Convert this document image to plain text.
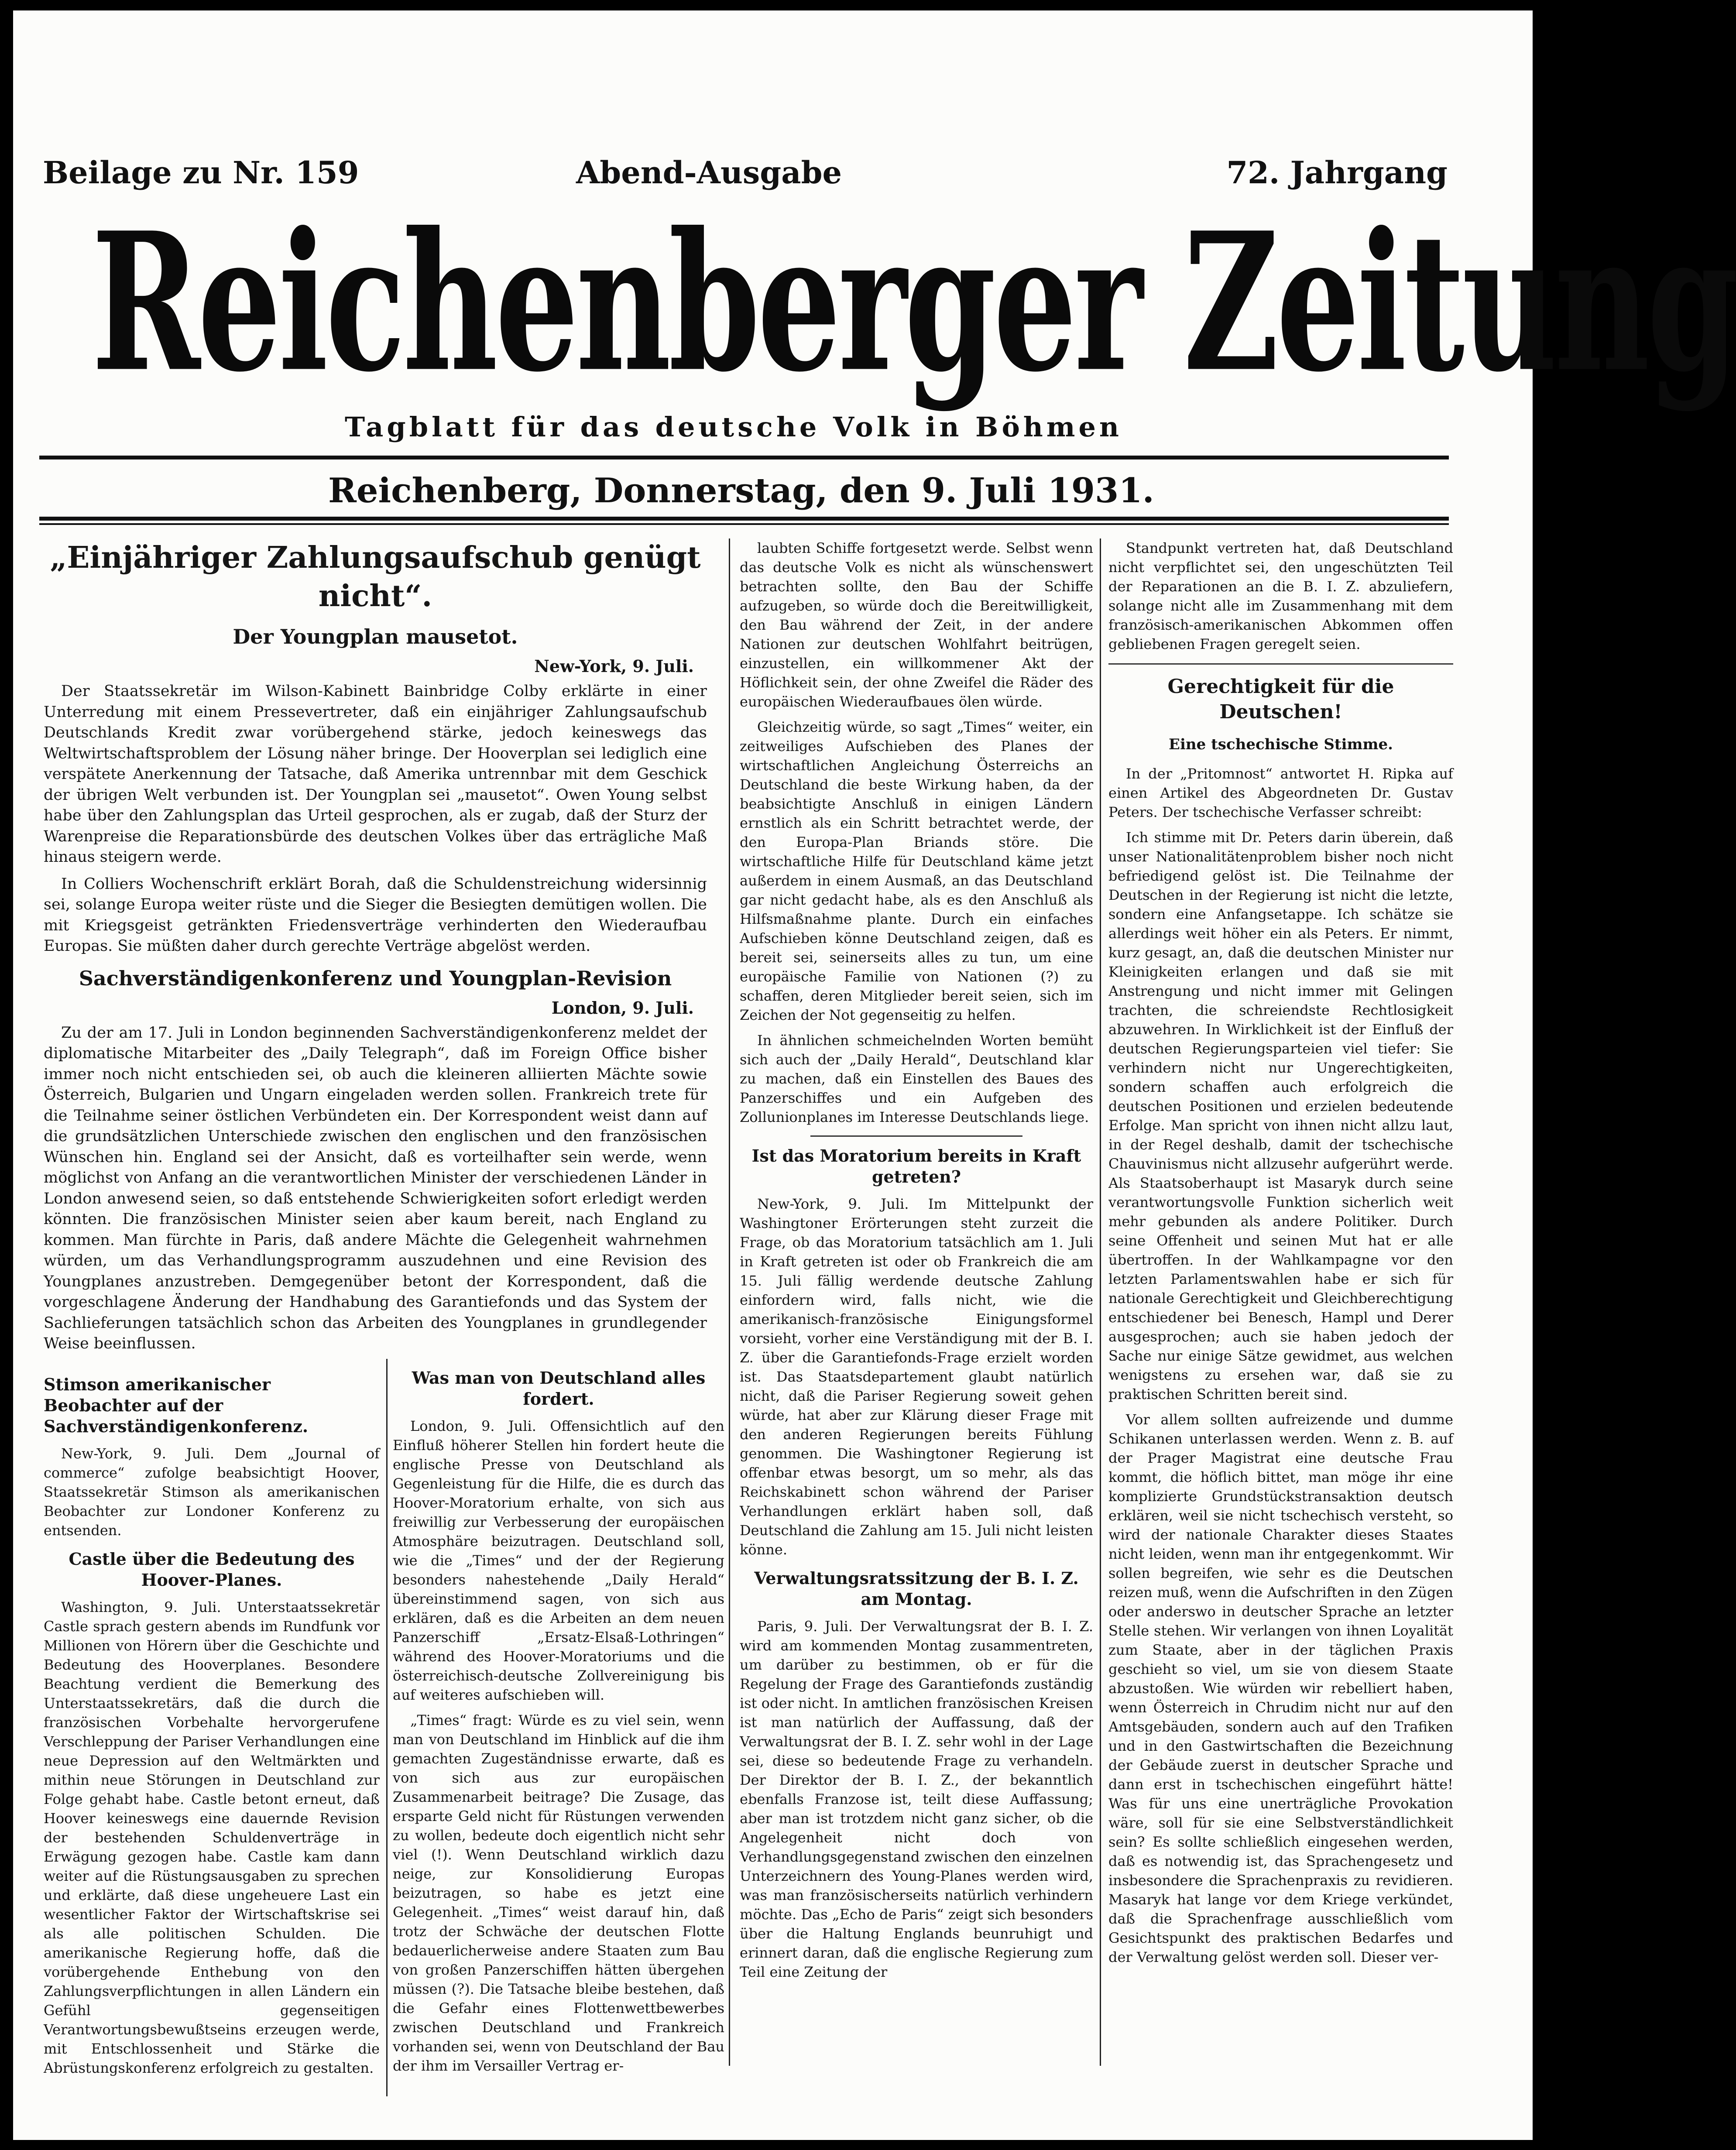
Beilage zu Nr. 159	Abend-Ausgabe	72. Jahrgang
Reichenberger Zeitung
Tagblatt für das deutsche Volk in Böhmen
Reichenberg, Donnerstag, den 9. Juli 1931.
„Einjähriger Zahlungsaufschub genügt nicht“.
Der Youngplan mausetot.
New-York, 9. Juli.

Der Staatssekretär im Wilson-Kabinett Bainbridge Colby erklärte in einer Unterredung mit einem Pressevertreter, daß ein einjähriger Zahlungsaufschub Deutschlands Kredit zwar vorübergehend stärke, jedoch keineswegs das Weltwirtschaftsproblem der Lösung näher bringe. Der Hooverplan sei lediglich eine verspätete Anerkennung der Tatsache, daß Amerika untrennbar mit dem Geschick der übrigen Welt verbunden ist. Der Youngplan sei „mausetot“. Owen Young selbst habe über den Zahlungsplan das Urteil gesprochen, als er zugab, daß der Sturz der Warenpreise die Reparationsbürde des deutschen Volkes über das erträgliche Maß hinaus steigern werde.

In Colliers Wochenschrift erklärt Borah, daß die Schuldenstreichung widersinnig sei, solange Europa weiter rüste und die Sieger die Besiegten demütigen wollen. Die mit Kriegsgeist getränkten Friedensverträge verhinderten den Wiederaufbau Europas. Sie müßten daher durch gerechte Verträge abgelöst werden.

Sachverständigenkonferenz und Youngplan-Revision
London, 9. Juli.

Zu der am 17. Juli in London beginnenden Sachverständigenkonferenz meldet der diplomatische Mitarbeiter des „Daily Telegraph“, daß im Foreign Office bisher immer noch nicht entschieden sei, ob auch die kleineren alliierten Mächte sowie Österreich, Bulgarien und Ungarn eingeladen werden sollen. Frankreich trete für die Teilnahme seiner östlichen Verbündeten ein. Der Korrespondent weist dann auf die grundsätzlichen Unterschiede zwischen den englischen und den französischen Wünschen hin. England sei der Ansicht, daß es vorteilhafter sein werde, wenn möglichst von Anfang an die verantwortlichen Minister der verschiedenen Länder in London anwesend seien, so daß entstehende Schwierigkeiten sofort erledigt werden könnten. Die französischen Minister seien aber kaum bereit, nach England zu kommen. Man fürchte in Paris, daß andere Mächte die Gelegenheit wahrnehmen würden, um das Verhandlungsprogramm auszudehnen und eine Revision des Youngplanes anzustreben. Demgegenüber betont der Korrespondent, daß die vorgeschlagene Änderung der Handhabung des Garantiefonds und das System der Sachlieferungen tatsächlich schon das Arbeiten des Youngplanes in grundlegender Weise beeinflussen.

Stimson amerikanischer Beobachter auf der Sachverständigenkonferenz.

New-York, 9. Juli. Dem „Journal of commerce“ zufolge beabsichtigt Hoover, Staatssekretär Stimson als amerikanischen Beobachter zur Londoner Konferenz zu entsenden.

Castle über die Bedeutung des Hoover-Planes.

Washington, 9. Juli. Unterstaatssekretär Castle sprach gestern abends im Rundfunk vor Millionen von Hörern über die Geschichte und Bedeutung des Hooverplanes. Besondere Beachtung verdient die Bemerkung des Unterstaatssekretärs, daß die durch die französischen Vorbehalte hervorgerufene Verschleppung der Pariser Verhandlungen eine neue Depression auf den Weltmärkten und mithin neue Störungen in Deutschland zur Folge gehabt habe. Castle betont erneut, daß Hoover keineswegs eine dauernde Revision der bestehenden Schuldenverträge in Erwägung gezogen habe. Castle kam dann weiter auf die Rüstungsausgaben zu sprechen und erklärte, daß diese ungeheuere Last ein wesentlicher Faktor der Wirtschaftskrise sei als alle politischen Schulden. Die amerikanische Regierung hoffe, daß die vorübergehende Enthebung von den Zahlungsverpflichtungen in allen Ländern ein Gefühl gegenseitigen Verantwortungsbewußtseins erzeugen werde, mit Entschlossenheit und Stärke die Abrüstungskonferenz erfolgreich zu gestalten.

Was man von Deutschland alles fordert.

London, 9. Juli. Offensichtlich auf den Einfluß höherer Stellen hin fordert heute die englische Presse von Deutschland als Gegenleistung für die Hilfe, die es durch das Hoover-Moratorium erhalte, von sich aus freiwillig zur Verbesserung der europäischen Atmosphäre beizutragen. Deutschland soll, wie die „Times“ und der der Regierung besonders nahestehende „Daily Herald“ übereinstimmend sagen, von sich aus erklären, daß es die Arbeiten an dem neuen Panzerschiff „Ersatz-Elsaß-Lothringen“ während des Hoover-Moratoriums und die österreichisch-deutsche Zollvereinigung bis auf weiteres aufschieben will.

„Times“ fragt: Würde es zu viel sein, wenn man von Deutschland im Hinblick auf die ihm gemachten Zugeständnisse erwarte, daß es von sich aus zur europäischen Zusammenarbeit beitrage? Die Zusage, das ersparte Geld nicht für Rüstungen verwenden zu wollen, bedeute doch eigentlich nicht sehr viel (!). Wenn Deutschland wirklich dazu neige, zur Konsolidierung Europas beizutragen, so habe es jetzt eine Gelegenheit. „Times“ weist darauf hin, daß trotz der Schwäche der deutschen Flotte bedauerlicherweise andere Staaten zum Bau von großen Panzerschiffen hätten übergehen müssen (?). Die Tatsache bleibe bestehen, daß die Gefahr eines Flottenwettbewerbes zwischen Deutschland und Frankreich vorhanden sei, wenn von Deutschland der Bau der ihm im Versailler Vertrag er-

laubten Schiffe fortgesetzt werde. Selbst wenn das deutsche Volk es nicht als wünschenswert betrachten sollte, den Bau der Schiffe aufzugeben, so würde doch die Bereitwilligkeit, den Bau während der Zeit, in der andere Nationen zur deutschen Wohlfahrt beitrügen, einzustellen, ein willkommener Akt der Höflichkeit sein, der ohne Zweifel die Räder des europäischen Wiederaufbaues ölen würde.

Gleichzeitig würde, so sagt „Times“ weiter, ein zeitweiliges Aufschieben des Planes der wirtschaftlichen Angleichung Österreichs an Deutschland die beste Wirkung haben, da der beabsichtigte Anschluß in einigen Ländern ernstlich als ein Schritt betrachtet werde, der den Europa-Plan Briands störe. Die wirtschaftliche Hilfe für Deutschland käme jetzt außerdem in einem Ausmaß, an das Deutschland gar nicht gedacht habe, als es den Anschluß als Hilfsmaßnahme plante. Durch ein einfaches Aufschieben könne Deutschland zeigen, daß es bereit sei, seinerseits alles zu tun, um eine europäische Familie von Nationen (?) zu schaffen, deren Mitglieder bereit seien, sich im Zeichen der Not gegenseitig zu helfen.

In ähnlichen schmeichelnden Worten bemüht sich auch der „Daily Herald“, Deutschland klar zu machen, daß ein Einstellen des Baues des Panzerschiffes und ein Aufgeben des Zollunionplanes im Interesse Deutschlands liege.

Ist das Moratorium bereits in Kraft getreten?

New-York, 9. Juli. Im Mittelpunkt der Washingtoner Erörterungen steht zurzeit die Frage, ob das Moratorium tatsächlich am 1. Juli in Kraft getreten ist oder ob Frankreich die am 15. Juli fällig werdende deutsche Zahlung einfordern wird, falls nicht, wie die amerikanisch-französische Einigungsformel vorsieht, vorher eine Verständigung mit der B. I. Z. über die Garantiefonds-Frage erzielt worden ist. Das Staatsdepartement glaubt natürlich nicht, daß die Pariser Regierung soweit gehen würde, hat aber zur Klärung dieser Frage mit den anderen Regierungen bereits Fühlung genommen. Die Washingtoner Regierung ist offenbar etwas besorgt, um so mehr, als das Reichskabinett schon während der Pariser Verhandlungen erklärt haben soll, daß Deutschland die Zahlung am 15. Juli nicht leisten könne.

Verwaltungsratssitzung der B. I. Z. am Montag.

Paris, 9. Juli. Der Verwaltungsrat der B. I. Z. wird am kommenden Montag zusammentreten, um darüber zu bestimmen, ob er für die Regelung der Frage des Garantiefonds zuständig ist oder nicht. In amtlichen französischen Kreisen ist man natürlich der Auffassung, daß der Verwaltungsrat der B. I. Z. sehr wohl in der Lage sei, diese so bedeutende Frage zu verhandeln. Der Direktor der B. I. Z., der bekanntlich ebenfalls Franzose ist, teilt diese Auffassung; aber man ist trotzdem nicht ganz sicher, ob die Angelegenheit nicht doch von Verhandlungsgegenstand zwischen den einzelnen Unterzeichnern des Young-Planes werden wird, was man französischerseits natürlich verhindern möchte. Das „Echo de Paris“ zeigt sich besonders über die Haltung Englands beunruhigt und erinnert daran, daß die englische Regierung zum Teil eine Zeitung der

Standpunkt vertreten hat, daß Deutschland nicht verpflichtet sei, den ungeschützten Teil der Reparationen an die B. I. Z. abzuliefern, solange nicht alle im Zusammenhang mit dem französisch-amerikanischen Abkommen offen gebliebenen Fragen geregelt seien.

Gerechtigkeit für die Deutschen!
Eine tschechische Stimme.

In der „Pritomnost“ antwortet H. Ripka auf einen Artikel des Abgeordneten Dr. Gustav Peters. Der tschechische Verfasser schreibt:

Ich stimme mit Dr. Peters darin überein, daß unser Nationalitätenproblem bisher noch nicht befriedigend gelöst ist. Die Teilnahme der Deutschen in der Regierung ist nicht die letzte, sondern eine Anfangsetappe. Ich schätze sie allerdings weit höher ein als Peters. Er nimmt, kurz gesagt, an, daß die deutschen Minister nur Kleinigkeiten erlangen und daß sie mit Anstrengung und nicht immer mit Gelingen trachten, die schreiendste Rechtlosigkeit abzuwehren. In Wirklichkeit ist der Einfluß der deutschen Regierungsparteien viel tiefer: Sie verhindern nicht nur Ungerechtigkeiten, sondern schaffen auch erfolgreich die deutschen Positionen und erzielen bedeutende Erfolge. Man spricht von ihnen nicht allzu laut, in der Regel deshalb, damit der tschechische Chauvinismus nicht allzusehr aufgerührt werde. Als Staatsoberhaupt ist Masaryk durch seine verantwortungsvolle Funktion sicherlich weit mehr gebunden als andere Politiker. Durch seine Offenheit und seinen Mut hat er alle übertroffen. In der Wahlkampagne vor den letzten Parlamentswahlen habe er sich für nationale Gerechtigkeit und Gleichberechtigung entschiedener bei Benesch, Hampl und Derer ausgesprochen; auch sie haben jedoch der Sache nur einige Sätze gewidmet, aus welchen wenigstens zu ersehen war, daß sie zu praktischen Schritten bereit sind.

Vor allem sollten aufreizende und dumme Schikanen unterlassen werden. Wenn z. B. auf der Prager Magistrat eine deutsche Frau kommt, die höflich bittet, man möge ihr eine komplizierte Grundstückstransaktion deutsch erklären, weil sie nicht tschechisch versteht, so wird der nationale Charakter dieses Staates nicht leiden, wenn man ihr entgegenkommt. Wir sollen begreifen, wie sehr es die Deutschen reizen muß, wenn die Aufschriften in den Zügen oder anderswo in deutscher Sprache an letzter Stelle stehen. Wir verlangen von ihnen Loyalität zum Staate, aber in der täglichen Praxis geschieht so viel, um sie von diesem Staate abzustoßen. Wie würden wir rebelliert haben, wenn Österreich in Chrudim nicht nur auf den Amtsgebäuden, sondern auch auf den Trafiken und in den Gastwirtschaften die Bezeichnung der Gebäude zuerst in deutscher Sprache und dann erst in tschechischen eingeführt hätte! Was für uns eine unerträgliche Provokation wäre, soll für sie eine Selbstverständlichkeit sein? Es sollte schließlich eingesehen werden, daß es notwendig ist, das Sprachengesetz und insbesondere die Sprachenpraxis zu revidieren. Masaryk hat lange vor dem Kriege verkündet, daß die Sprachenfrage ausschließlich vom Gesichtspunkt des praktischen Bedarfes und der Verwaltung gelöst werden soll. Dieser ver-
